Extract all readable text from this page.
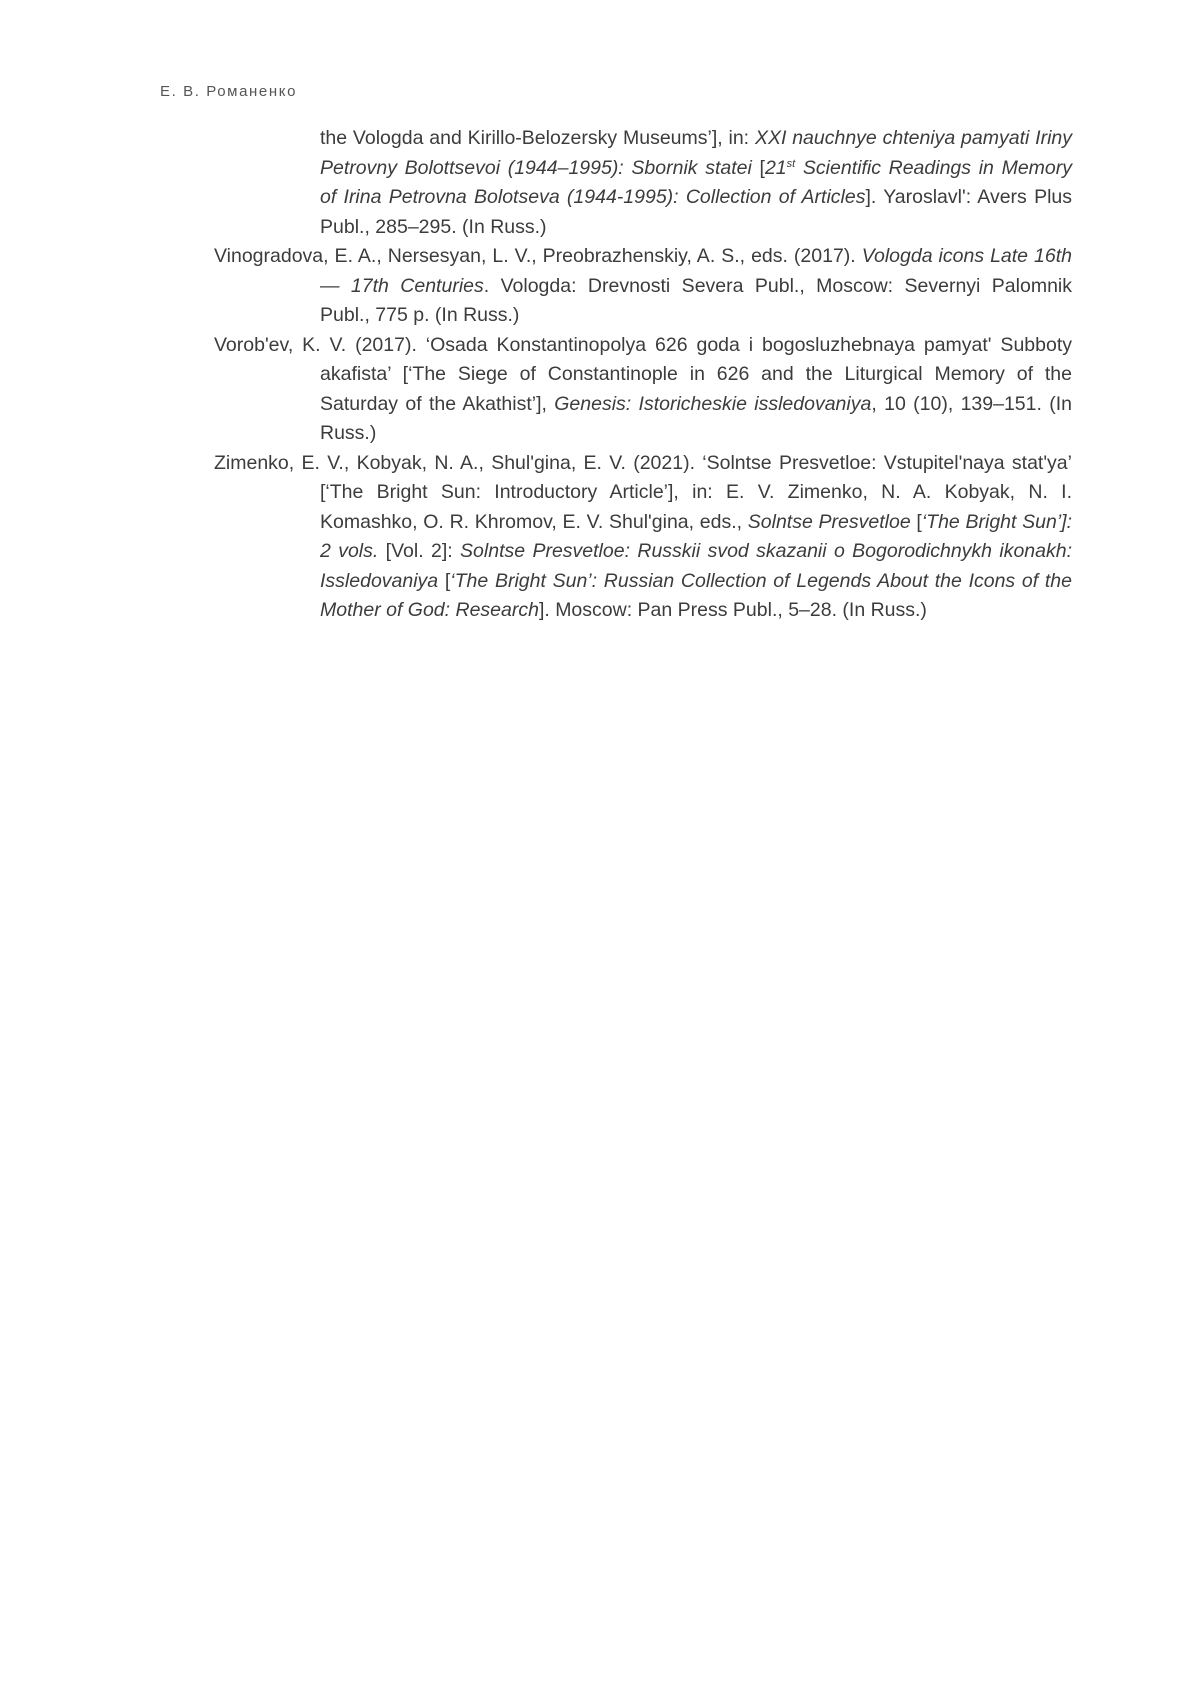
Е. В. Романенко

the Vologda and Kirillo-Belozersky Museums’], in: XXI nauchnye chteniya pamyati Iriny Petrovny Bolottsevoi (1944–1995): Sbornik statei [21st Scientific Readings in Memory of Irina Petrovna Bolotseva (1944-1995): Collection of Articles]. Yaroslavl': Avers Plus Publ., 285–295. (In Russ.)

Vinogradova, E. A., Nersesyan, L. V., Preobrazhenskiy, A. S., eds. (2017). Vologda icons Late 16th — 17th Centuries. Vologda: Drevnosti Severa Publ., Moscow: Severnyi Palomnik Publ., 775 p. (In Russ.)

Vorob'ev, K. V. (2017). ‘Osada Konstantinopolya 626 goda i bogosluzhebnaya pamyat' Subboty akafista’ [‘The Siege of Constantinople in 626 and the Liturgical Memory of the Saturday of the Akathist’], Genesis: Istoricheskie issledovaniya, 10 (10), 139–151. (In Russ.)

Zimenko, E. V., Kobyak, N. A., Shul'gina, E. V. (2021). ‘Solntse Presvetloe: Vstupitel'naya stat'ya’ [‘The Bright Sun: Introductory Article’], in: E. V. Zimenko, N. A. Kobyak, N. I. Komashko, O. R. Khromov, E. V. Shul'gina, eds., Solntse Presvetloe [‘The Bright Sun’]: 2 vols. [Vol. 2]: Solntse Presvetloe: Russkii svod skazanii o Bogorodichnykh ikonakh: Issledovaniya [‘The Bright Sun’: Russian Collection of Legends About the Icons of the Mother of God: Research]. Moscow: Pan Press Publ., 5–28. (In Russ.)
